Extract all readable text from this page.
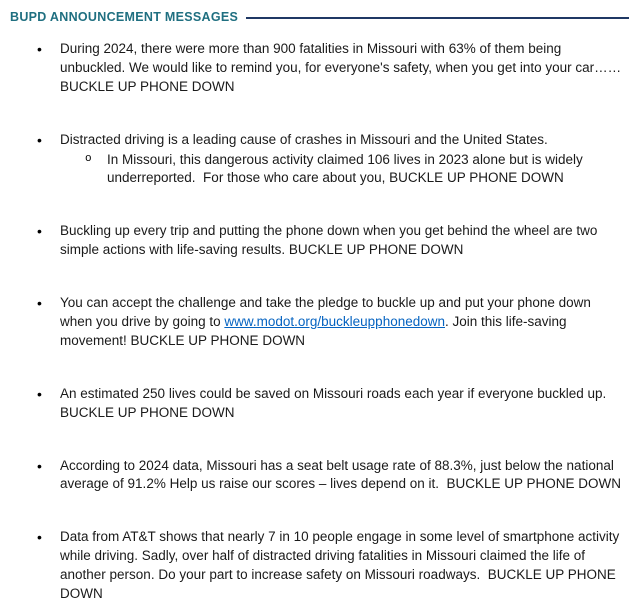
BUPD ANNOUNCEMENT MESSAGES
• During 2024, there were more than 900 fatalities in Missouri with 63% of them being unbuckled. We would like to remind you, for everyone's safety, when you get into your car……BUCKLE UP PHONE DOWN
• Distracted driving is a leading cause of crashes in Missouri and the United States.
o In Missouri, this dangerous activity claimed 106 lives in 2023 alone but is widely underreported.  For those who care about you, BUCKLE UP PHONE DOWN
• Buckling up every trip and putting the phone down when you get behind the wheel are two simple actions with life-saving results. BUCKLE UP PHONE DOWN
• You can accept the challenge and take the pledge to buckle up and put your phone down when you drive by going to www.modot.org/buckleupphonedown. Join this life-saving movement! BUCKLE UP PHONE DOWN
• An estimated 250 lives could be saved on Missouri roads each year if everyone buckled up. BUCKLE UP PHONE DOWN
• According to 2024 data, Missouri has a seat belt usage rate of 88.3%, just below the national average of 91.2% Help us raise our scores – lives depend on it.  BUCKLE UP PHONE DOWN
• Data from AT&T shows that nearly 7 in 10 people engage in some level of smartphone activity while driving. Sadly, over half of distracted driving fatalities in Missouri claimed the life of another person. Do your part to increase safety on Missouri roadways.  BUCKLE UP PHONE DOWN
